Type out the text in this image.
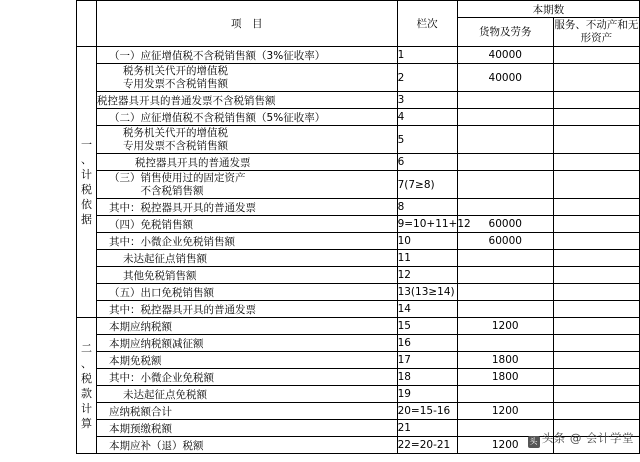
	项　目	栏次	本期数	
			货物及劳务	服务、不动产和无形资产

一
、
计
税
依
据

（一）应征增值税不含税销售额（3%征收率）	1	40000	

	税务机关代开的增值税
专用发票不含税销售额	2	40000	

	税控器具开具的普通发票不含税销售额	3		

	（二）应征增值税不含税销售额（5%征收率）	4		

	税务机关代开的增值税
专用发票不含税销售额	5		

	税控器具开具的普通发票	6		

	（三）销售使用过的固定资产
　　　不含税销售额	7(7≥8)		

	其中：税控器具开具的普通发票	8		

	（四）免税销售额	9=10+11+12	60000	

	其中：小微企业免税销售额	10	60000	

	未达起征点销售额	11		

	其他免税销售额	12		

	（五）出口免税销售额	13(13≥14)		

	其中：税控器具开具的普通发票	14		

二
、
税
款
计
算

本期应纳税额	15	1200	

	本期应纳税额减征额	16		

	本期免税额	17	1800	

	其中：小微企业免税额	18	1800	

	未达起征点免税额	19		

	应纳税额合计	20=15-16	1200	

	本期预缴税额	21		

	本期应补（退）税额	22=20-21	1200	头 头条 @ 会计学堂
